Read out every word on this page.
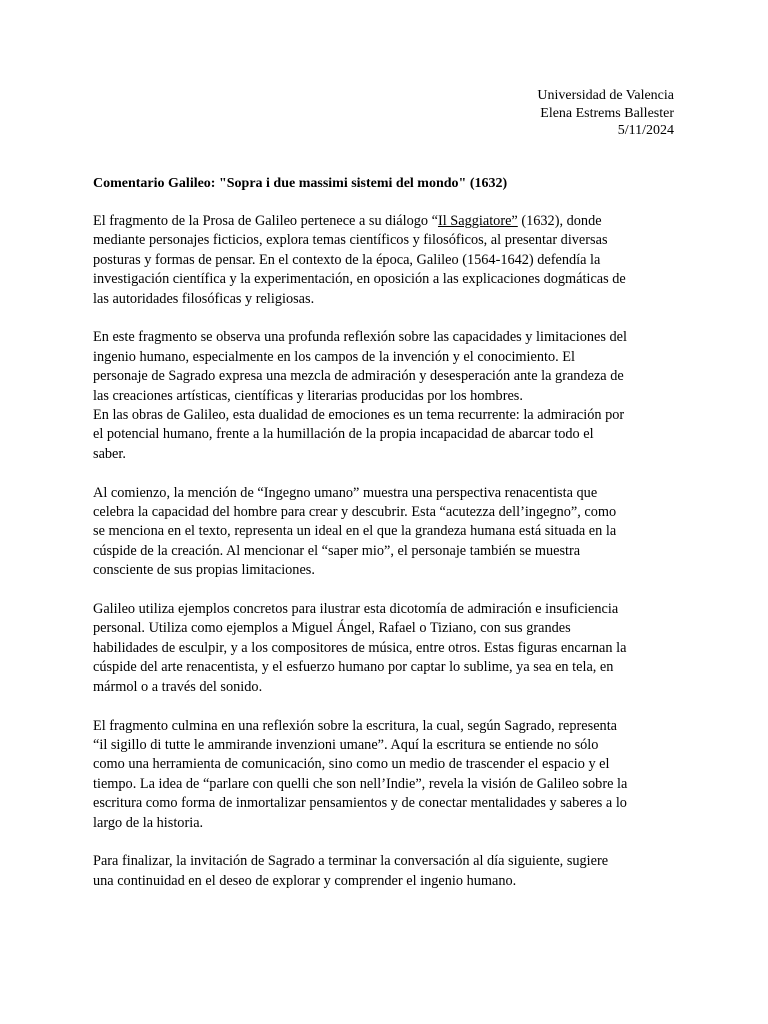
Universidad de Valencia
Elena Estrems Ballester
5/11/2024
Comentario Galileo: "Sopra i due massimi sistemi del mondo" (1632)
El fragmento de la Prosa de Galileo pertenece a su diálogo “Il Saggiatore” (1632), donde
mediante personajes ficticios, explora temas científicos y filosóficos, al presentar diversas
posturas y formas de pensar. En el contexto de la época, Galileo (1564-1642) defendía la
investigación científica y la experimentación, en oposición a las explicaciones dogmáticas de
las autoridades filosóficas y religiosas.
En este fragmento se observa una profunda reflexión sobre las capacidades y limitaciones del
ingenio humano, especialmente en los campos de la invención y el conocimiento. El
personaje de Sagrado expresa una mezcla de admiración y desesperación ante la grandeza de
las creaciones artísticas, científicas y literarias producidas por los hombres.
En las obras de Galileo, esta dualidad de emociones es un tema recurrente: la admiración por
el potencial humano, frente a la humillación de la propia incapacidad de abarcar todo el
saber.
Al comienzo, la mención de “Ingegno umano” muestra una perspectiva renacentista que
celebra la capacidad del hombre para crear y descubrir. Esta “acutezza dell’ingegno”, como
se menciona en el texto, representa un ideal en el que la grandeza humana está situada en la
cúspide de la creación. Al mencionar el “saper mio”, el personaje también se muestra
consciente de sus propias limitaciones.
Galileo utiliza ejemplos concretos para ilustrar esta dicotomía de admiración e insuficiencia
personal. Utiliza como ejemplos a Miguel Ángel, Rafael o Tiziano, con sus grandes
habilidades de esculpir, y a los compositores de música, entre otros. Estas figuras encarnan la
cúspide del arte renacentista, y el esfuerzo humano por captar lo sublime, ya sea en tela, en
mármol o a través del sonido.
El fragmento culmina en una reflexión sobre la escritura, la cual, según Sagrado, representa
“il sigillo di tutte le ammirande invenzioni umane”. Aquí la escritura se entiende no sólo
como una herramienta de comunicación, sino como un medio de trascender el espacio y el
tiempo. La idea de “parlare con quelli che son nell’Indie”, revela la visión de Galileo sobre la
escritura como forma de inmortalizar pensamientos y de conectar mentalidades y saberes a lo
largo de la historia.
Para finalizar, la invitación de Sagrado a terminar la conversación al día siguiente, sugiere
una continuidad en el deseo de explorar y comprender el ingenio humano.
